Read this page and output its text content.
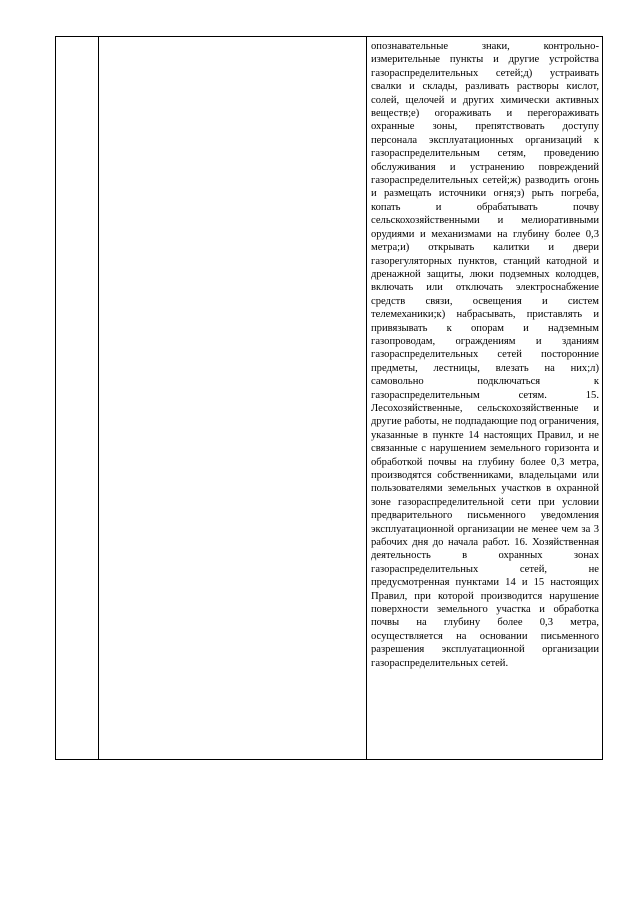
опознавательные знаки, контрольно-измерительные пункты и другие устройства газораспределительных сетей;д) устраивать свалки и склады, разливать растворы кислот, солей, щелочей и других химически активных веществ;е) огораживать и перегораживать охранные зоны, препятствовать доступу персонала эксплуатационных организаций к газораспределительным сетям, проведению обслуживания и устранению повреждений газораспределительных сетей;ж) разводить огонь и размещать источники огня;з) рыть погреба, копать и обрабатывать почву сельскохозяйственными и мелиоративными орудиями и механизмами на глубину более 0,3 метра;и) открывать калитки и двери газорегуляторных пунктов, станций катодной и дренажной защиты, люки подземных колодцев, включать или отключать электроснабжение средств связи, освещения и систем телемеханики;к) набрасывать, приставлять и привязывать к опорам и надземным газопроводам, ограждениям и зданиям газораспределительных сетей посторонние предметы, лестницы, влезать на них;л) самовольно подключаться к газораспределительным сетям. 15. Лесохозяйственные, сельскохозяйственные и другие работы, не подпадающие под ограничения, указанные в пункте 14 настоящих Правил, и не связанные с нарушением земельного горизонта и обработкой почвы на глубину более 0,3 метра, производятся собственниками, владельцами или пользователями земельных участков в охранной зоне газораспределительной сети при условии предварительного письменного уведомления эксплуатационной организации не менее чем за 3 рабочих дня до начала работ. 16. Хозяйственная деятельность в охранных зонах газораспределительных сетей, не предусмотренная пунктами 14 и 15 настоящих Правил, при которой производится нарушение поверхности земельного участка и обработка почвы на глубину более 0,3 метра, осуществляется на основании письменного разрешения эксплуатационной организации газораспределительных сетей.
